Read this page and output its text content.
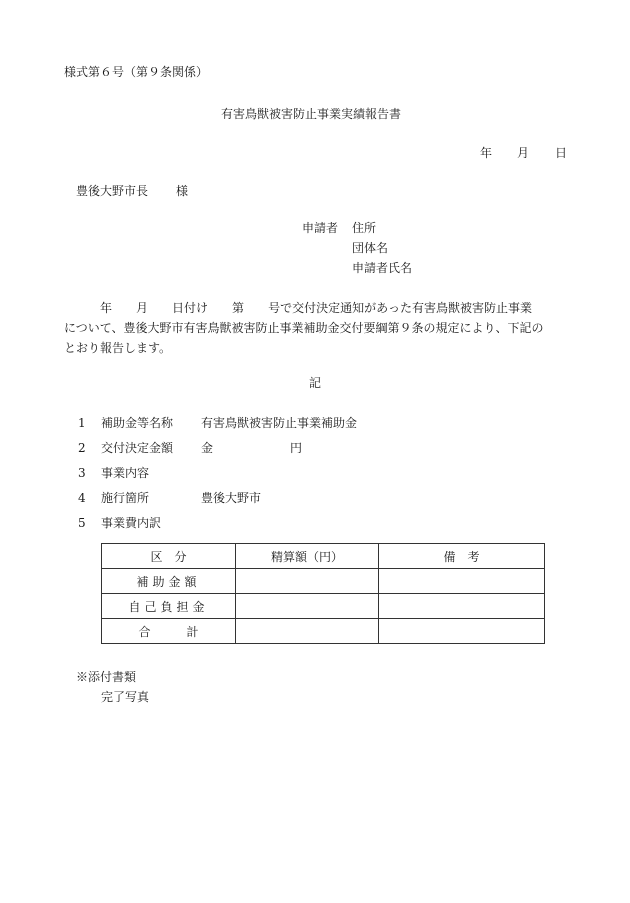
様式第６号（第９条関係）
有害鳥獣被害防止事業実績報告書
年 月 日
豊後大野市長 様
申請者 住所
団体名
申請者氏名

年 月 日付け 第 号で交付決定通知があった有害鳥獣被害防止事業

について、豊後大野市有害鳥獣被害防止事業補助金交付要綱第９条の規定により、下記の

とおり報告します。

記
1 補助金等名称 有害鳥獣被害防止事業補助金
2 交付決定金額 金	円
3 事業内容
4 施行箇所	豊後大野市
5 事業費内訳
区　分	精算額（円）	備　考
補助金額		
自己負担金		
合　　　計		
※添付書類
完了写真
